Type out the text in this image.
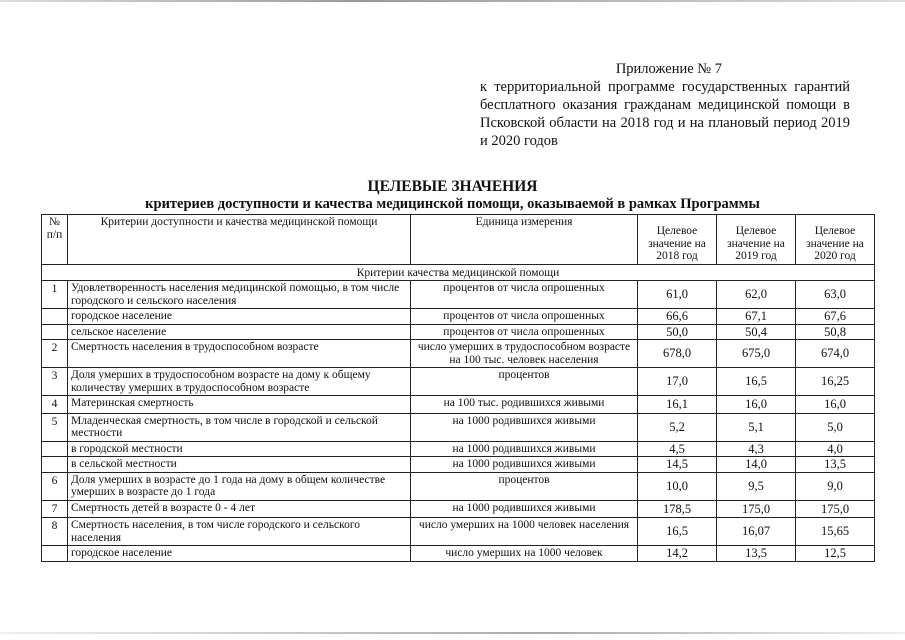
Приложение № 7
к территориальной программе государственных гарантий бесплатного оказания гражданам медицинской помощи в Псковской области на 2018 год и на плановый период 2019 и 2020 годов
ЦЕЛЕВЫЕ ЗНАЧЕНИЯ
критериев доступности и качества медицинской помощи, оказываемой в рамках Программы
№ п/п	Критерии доступности и качества медицинской помощи	Единица измерения	Целевое значение на 2018 год	Целевое значение на 2019 год	Целевое значение на 2020 год
Критерии качества медицинской помощи					
1	Удовлетворенность населения медицинской помощью, в том числе городского и сельского населения	процентов от числа опрошенных	61,0	62,0	63,0
	городское население	процентов от числа опрошенных	66,6	67,1	67,6
	сельское население	процентов от числа опрошенных	50,0	50,4	50,8
2	Смертность населения в трудоспособном возрасте	число умерших в трудоспособном возрасте на 100 тыс. человек населения	678,0	675,0	674,0
3	Доля умерших в трудоспособном возрасте на дому к общему количеству умерших в трудоспособном возрасте	процентов	17,0	16,5	16,25
4	Материнская смертность	на 100 тыс. родившихся живыми	16,1	16,0	16,0
5	Младенческая смертность, в том числе в городской и сельской местности	на 1000 родившихся живыми	5,2	5,1	5,0
	в городской местности	на 1000 родившихся живыми	4,5	4,3	4,0
	в сельской местности	на 1000 родившихся живыми	14,5	14,0	13,5
6	Доля умерших в возрасте до 1 года на дому в общем количестве умерших в возрасте до 1 года	процентов	10,0	9,5	9,0
7	Смертность детей в возрасте 0 - 4 лет	на 1000 родившихся живыми	178,5	175,0	175,0
8	Смертность населения, в том числе городского и сельского населения	число умерших на 1000 человек населения	16,5	16,07	15,65
	городское население	число умерших на 1000 человек	14,2	13,5	12,5
